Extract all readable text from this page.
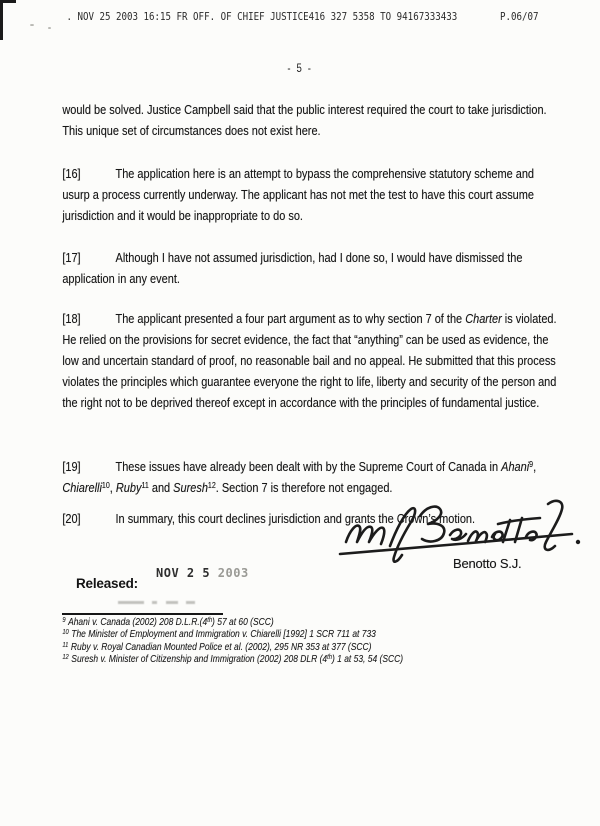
. NOV 25 2003 16:15 FR OFF. OF CHIEF JUSTICE416 327 5358 TO 94167333433	P.06/07
- 5 -

would be solved. Justice Campbell said that the public interest required the court to take jurisdiction. This unique set of circumstances does not exist here.

[16]	The application here is an attempt to bypass the comprehensive statutory scheme and usurp a process currently underway. The applicant has not met the test to have this court assume jurisdiction and it would be inappropriate to do so.

[17]	Although I have not assumed jurisdiction, had I done so, I would have dismissed the application in any event.

[18]	The applicant presented a four part argument as to why section 7 of the Charter is violated. He relied on the provisions for secret evidence, the fact that “anything” can be used as evidence, the low and uncertain standard of proof, no reasonable bail and no appeal. He submitted that this process violates the principles which guarantee everyone the right to life, liberty and security of the person and the right not to be deprived thereof except in accordance with the principles of fundamental justice.

[19]	These issues have already been dealt with by the Supreme Court of Canada in Ahani$^9$, Chiarelli$^{10}$, Ruby$^{11}$ and Suresh$^{12}$. Section 7 is therefore not engaged.

[20]	In summary, this court declines jurisdiction and grants the Crown’s motion.

$^9$ Ahani v. Canada (2002) 208 D.L.R.(4th) 57 at 60 (SCC)

$^{10}$ The Minister of Employment and Immigration v. Chiarelli [1992] 1 SCR 711 at 733

$^{11}$ Ruby v. Royal Canadian Mounted Police et al. (2002), 295 NR 353 at 377 (SCC)

$^{12}$ Suresh v. Minister of Citizenship and Immigration (2002) 208 DLR (4th) 1 at 53, 54 (SCC)

Benotto S.J.
Released:
NOV 2 5 2003
